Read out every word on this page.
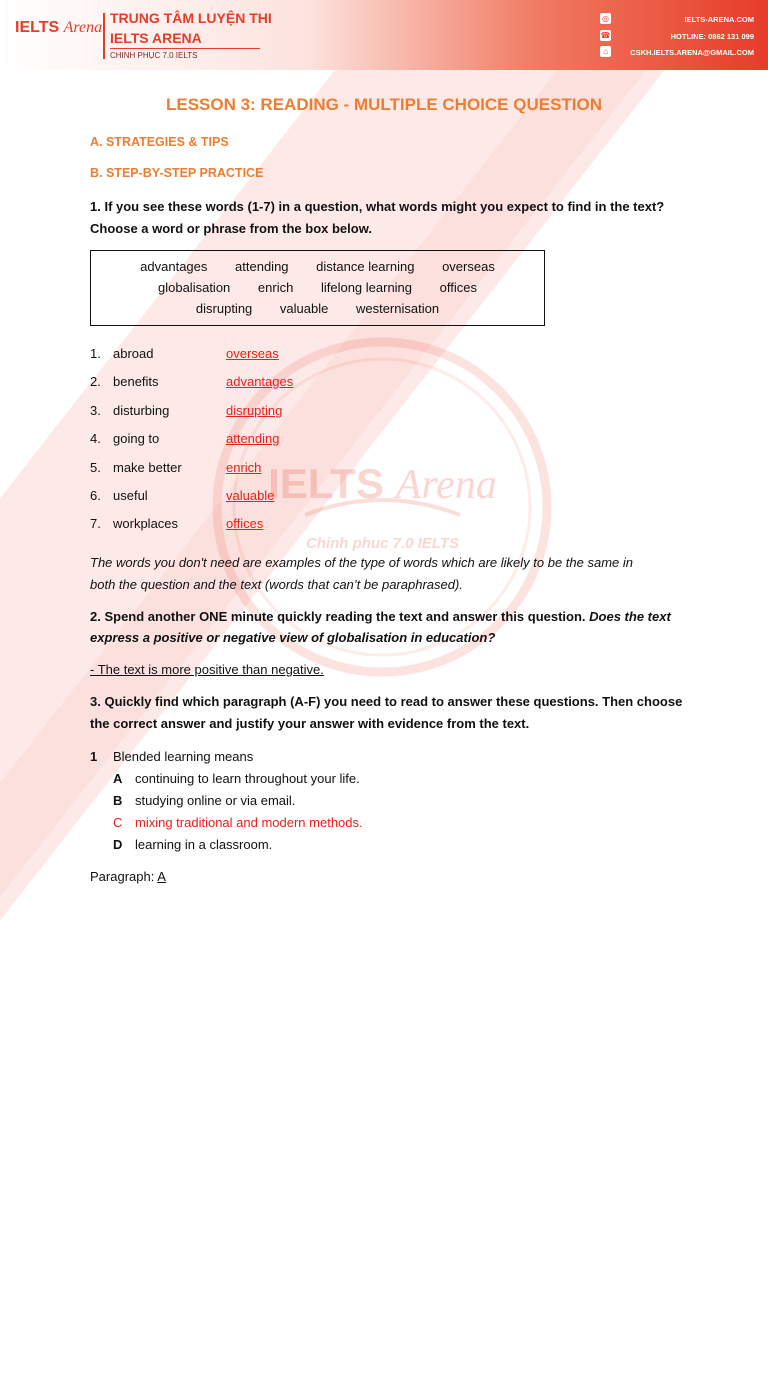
IELTS Arena
Chinh phuc 7.0 IELTS
IELTS Arena
TRUNG TÂM LUYỆN THI
IELTS ARENA
CHINH PHỤC 7.0 IELTS
◎
☎
⌂
IELTS-ARENA.COM
HOTLINE: 0862 131 099
CSKH.IELTS.ARENA@GMAIL.COM
LESSON 3: READING - MULTIPLE CHOICE QUESTION
A. STRATEGIES & TIPS
B. STEP-BY-STEP PRACTICE
1. If you see these words (1-7) in a question, what words might you expect to find in the text?
Choose a word or phrase from the box below.
advantages attending distance learning overseas
globalisation enrich lifelong learning offices
disrupting valuable westernisation
1. abroad	overseas
2. benefits	advantages
3. disturbing	disrupting
4. going to	attending
5. make better	enrich
6. useful	valuable
7. workplaces	offices
The words you don't need are examples of the type of words which are likely to be the same in
both the question and the text (words that can’t be paraphrased).
2. Spend another ONE minute quickly reading the text and answer this question. Does the text
express a positive or negative view of globalisation in education?
- The text is more positive than negative.
3. Quickly find which paragraph (A-F) you need to read to answer these questions. Then choose
the correct answer and justify your answer with evidence from the text.
1 Blended learning means
A continuing to learn throughout your life.
B studying online or via email.
C mixing traditional and modern methods.
D learning in a classroom.
Paragraph: A
